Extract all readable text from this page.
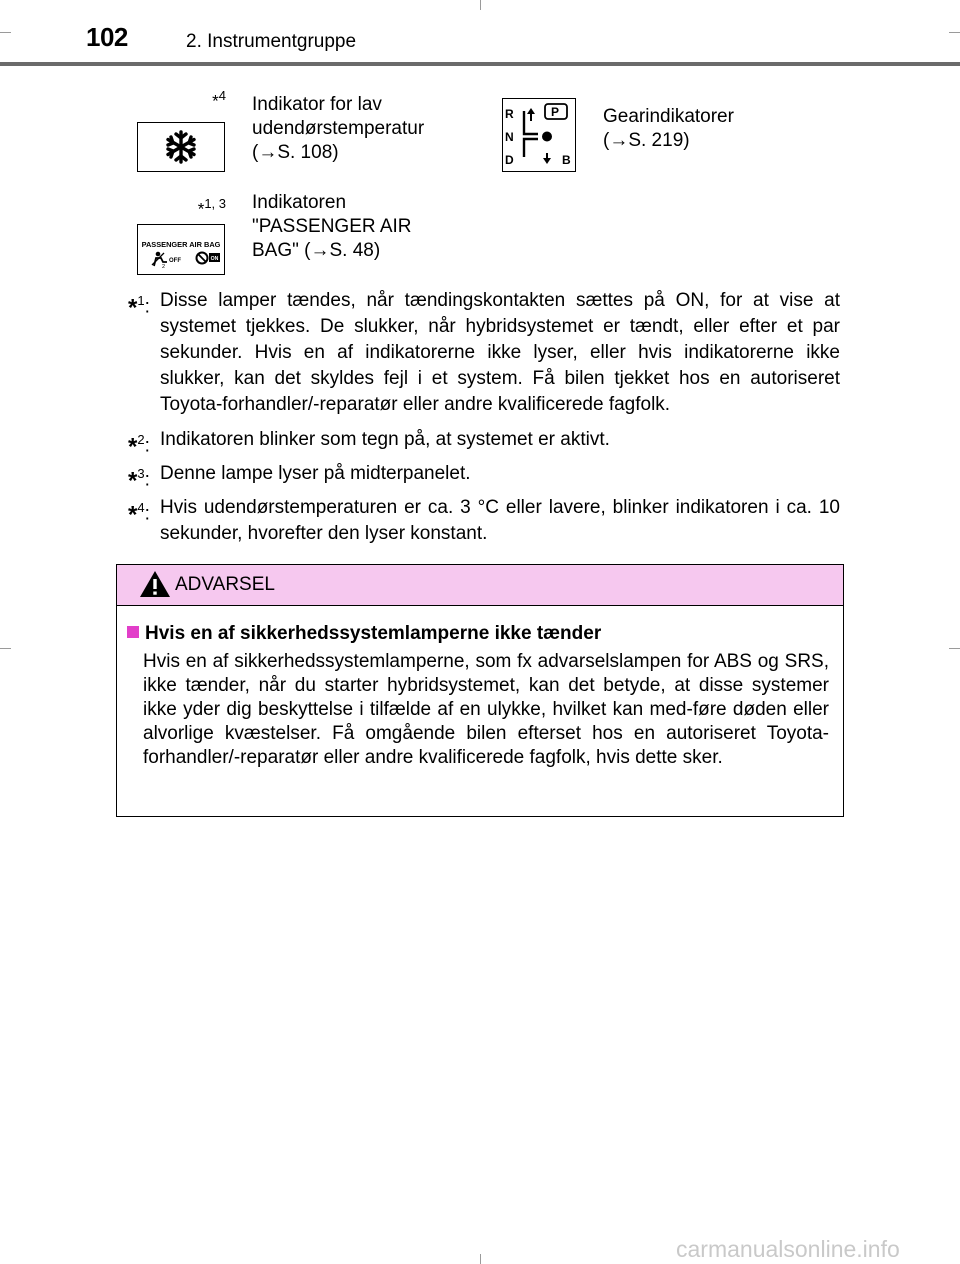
102	2. Instrumentgruppe
*$^4$ Indikator for lav udendørstemperatur
(→S. 108)
R
N
D	B
P Gearindikatorer
(→S. 219)
*$^{1, 3}$
PASSENGER AIR BAG
2
OFF	ON
Indikatoren "PASSENGER AIR BAG" (→S. 48)
*$^1$: Disse lamper tændes, når tændingskontakten sættes på ON, for at vise at systemet tjekkes. De slukker, når hybridsystemet er tændt, eller efter et par sekunder. Hvis en af indikatorerne ikke lyser, eller hvis indikatorerne ikke slukker, kan det skyldes fejl i et system. Få bilen tjekket hos en autoriseret Toyota-forhandler/-reparatør eller andre kvalificerede fagfolk.
*$^2$: Indikatoren blinker som tegn på, at systemet er aktivt.
*$^3$: Denne lampe lyser på midterpanelet.
*$^4$: Hvis udendørstemperaturen er ca. 3 °C eller lavere, blinker indikatoren i ca. 10 sekunder, hvorefter den lyser konstant.
ADVARSEL
Hvis en af sikkerhedssystemlamperne ikke tænder
Hvis en af sikkerhedssystemlamperne, som fx advarselslampen for ABS og SRS, ikke tænder, når du starter hybridsystemet, kan det betyde, at disse systemer ikke yder dig beskyttelse i tilfælde af en ulykke, hvilket kan med-føre døden eller alvorlige kvæstelser. Få omgående bilen efterset hos en autoriseret Toyota-forhandler/-reparatør eller andre kvalificerede fagfolk, hvis dette sker.
carmanualsonline.info
